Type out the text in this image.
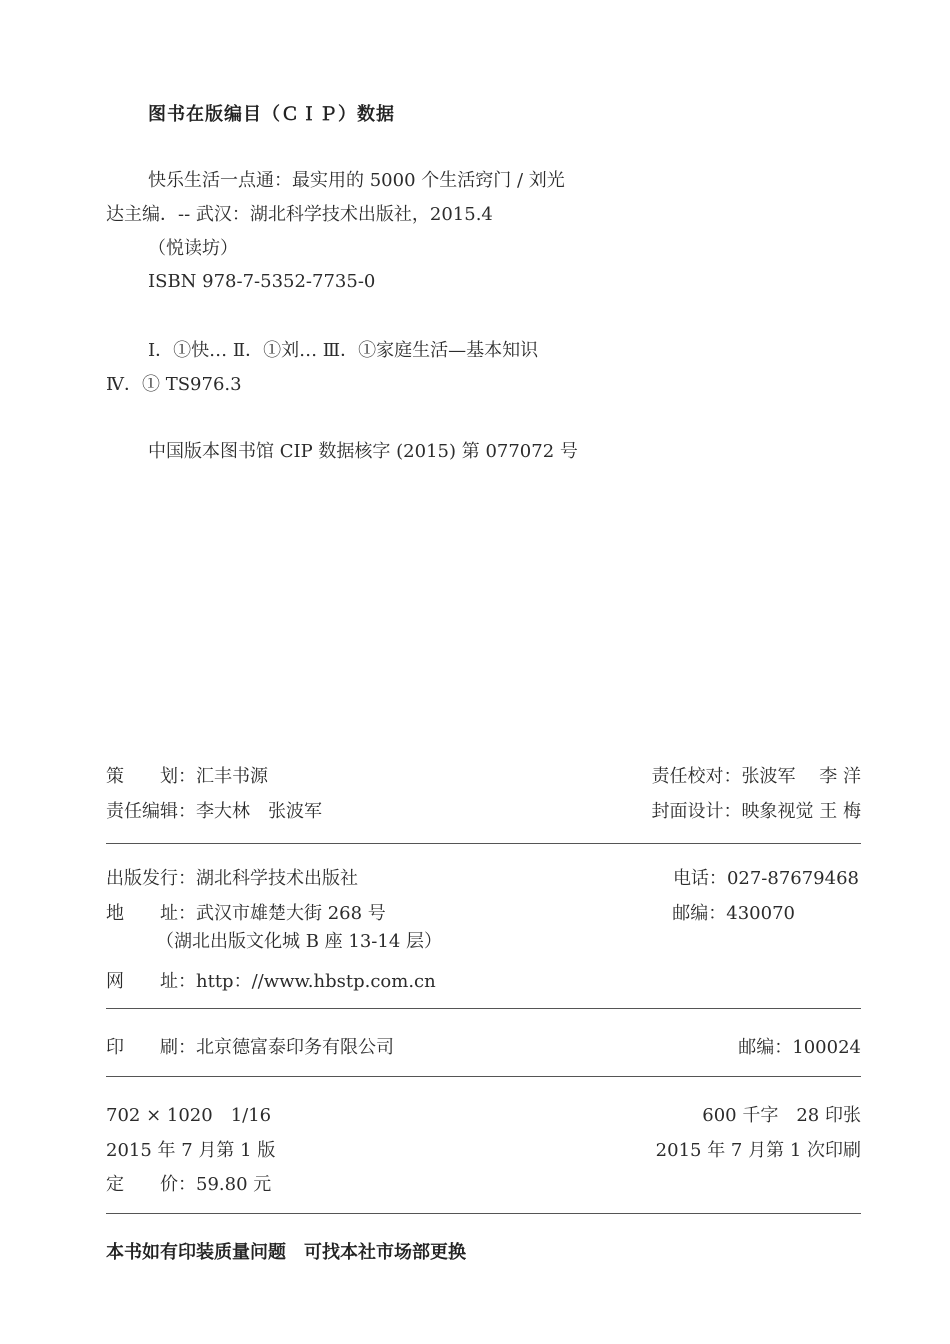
图书在版编目（ＣＩＰ）数据
快乐生活一点通：最实用的 5000 个生活窍门 / 刘光
达主编．-- 武汉：湖北科学技术出版社，2015.4
（悦读坊）
ISBN 978-7-5352-7735-0
Ⅰ．①快… Ⅱ．①刘… Ⅲ．①家庭生活—基本知识
Ⅳ．① TS976.3
中国版本图书馆 CIP 数据核字 (2015) 第 077072 号
策　　划：汇丰书源	责任校对：张波军　 李 洋
责任编辑：李大林　张波军	封面设计：映象视觉 王 梅
出版发行：湖北科学技术出版社	电话：027-87679468
地　　址：武汉市雄楚大街 268 号	邮编：430070
（湖北出版文化城 B 座 13-14 层）
网　　址：http：//www.hbstp.com.cn
印　　刷：北京德富泰印务有限公司	邮编：100024
702 × 1020　1/16	600 千字　28 印张
2015 年 7 月第 1 版	2015 年 7 月第 1 次印刷
定　　价：59.80 元
本书如有印装质量问题　可找本社市场部更换
